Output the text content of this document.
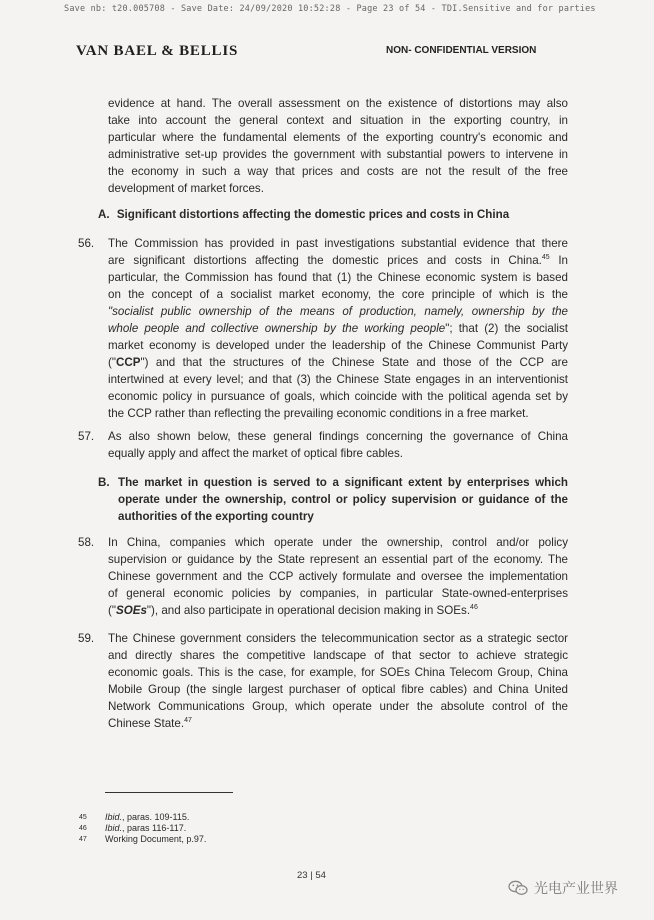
Save nb: t20.005708 - Save Date: 24/09/2020 10:52:28 - Page 23 of 54 - TDI.Sensitive and for parties
VAN BAEL & BELLIS	NON- CONFIDENTIAL VERSION
evidence at hand. The overall assessment on the existence of distortions may also
take into account the general context and situation in the exporting country, in
particular where the fundamental elements of the exporting country's economic and
administrative set-up provides the government with substantial powers to intervene in
the economy in such a way that prices and costs are not the result of the free
development of market forces.
A. Significant distortions affecting the domestic prices and costs in China
56. The Commission has provided in past investigations substantial evidence that there
are significant distortions affecting the domestic prices and costs in China.$^{45}$ In
particular, the Commission has found that (1) the Chinese economic system is based
on the concept of a socialist market economy, the core principle of which is the
"socialist public ownership of the means of production, namely, ownership by the
whole people and collective ownership by the working people"; that (2) the socialist
market economy is developed under the leadership of the Chinese Communist Party
("CCP") and that the structures of the Chinese State and those of the CCP are
intertwined at every level; and that (3) the Chinese State engages in an interventionist
economic policy in pursuance of goals, which coincide with the political agenda set by
the CCP rather than reflecting the prevailing economic conditions in a free market.
57. As also shown below, these general findings concerning the governance of China
equally apply and affect the market of optical fibre cables.
B. The market in question is served to a significant extent by enterprises which
operate under the ownership, control or policy supervision or guidance of the
authorities of the exporting country
58. In China, companies which operate under the ownership, control and/or policy
supervision or guidance by the State represent an essential part of the economy. The
Chinese government and the CCP actively formulate and oversee the implementation
of general economic policies by companies, in particular State-owned-enterprises
("SOEs"), and also participate in operational decision making in SOEs.$^{46}$
59. The Chinese government considers the telecommunication sector as a strategic sector
and directly shares the competitive landscape of that sector to achieve strategic
economic goals. This is the case, for example, for SOEs China Telecom Group, China
Mobile Group (the single largest purchaser of optical fibre cables) and China United
Network Communications Group, which operate under the absolute control of the
Chinese State.$^{47}$
45 Ibid., paras. 109-115.
46 Ibid., paras 116-117.
47 Working Document, p.97.
23 | 54
光电产业世界
